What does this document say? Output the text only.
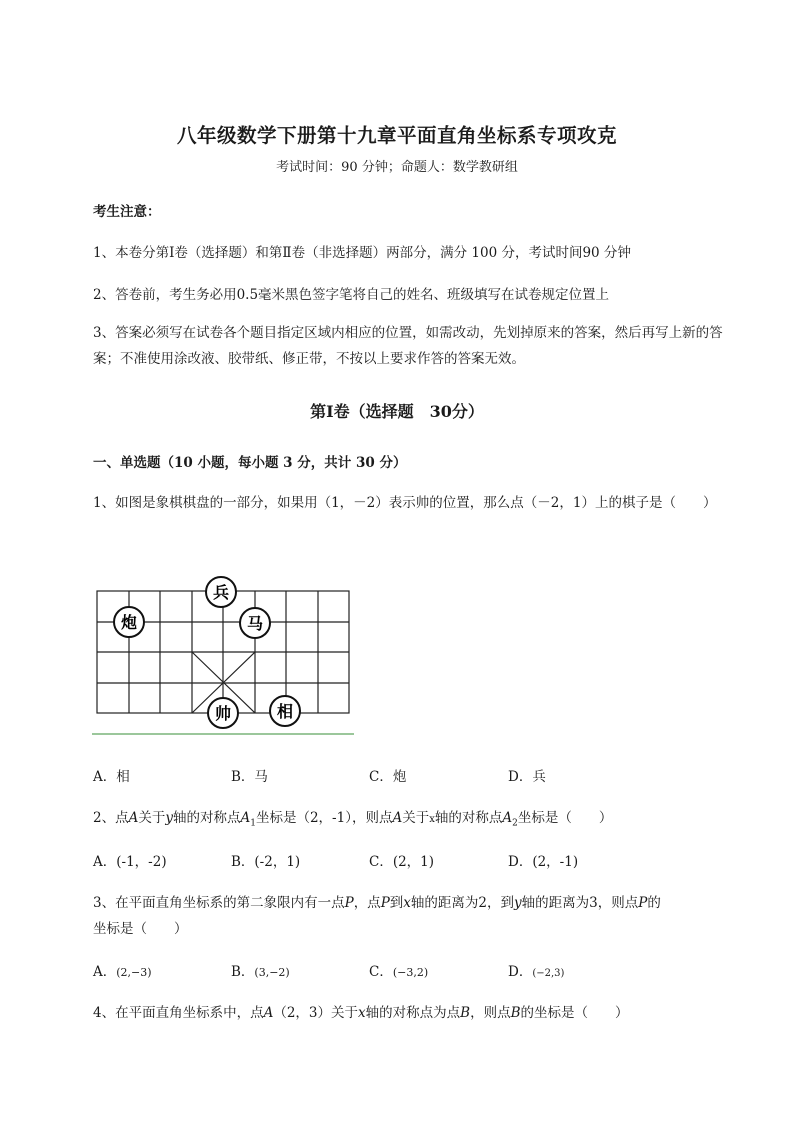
八年级数学下册第十九章平面直角坐标系专项攻克
考试时间：90 分钟；命题人：数学教研组
考生注意：
1、本卷分第Ⅰ卷（选择题）和第Ⅱ卷（非选择题）两部分，满分 100 分，考试时间90 分钟
2、答卷前，考生务必用0.5毫米黑色签字笔将自己的姓名、班级填写在试卷规定位置上
3、答案必须写在试卷各个题目指定区域内相应的位置，如需改动，先划掉原来的答案，然后再写上新的答案；不准使用涂改液、胶带纸、修正带，不按以上要求作答的答案无效。
第Ⅰ卷（选择题　30分）
一、单选题（10 小题，每小题 3 分，共计 30 分）
1、如图是象棋棋盘的一部分，如果用（1，－2）表示帅的位置，那么点（－2，1）上的棋子是（　　）
兵
炮	马
帅	相
A．相	B．马	C．炮	D．兵
2、点A关于y轴的对称点$A_1$坐标是（2，-1），则点A关于x轴的对称点$A_2$坐标是（　　）
A．(-1，-2)	B．(-2，1)	C．(2，1)	D．(2，-1)
3、在平面直角坐标系的第二象限内有一点P，点P到x轴的距离为2，到y轴的距离为3，则点P的
坐标是（　　）
A．(2,−3)	B．(3,−2)	C．(−3,2)	D．(−2,3)
4、在平面直角坐标系中，点A（2，3）关于x轴的对称点为点B，则点B的坐标是（　　）
